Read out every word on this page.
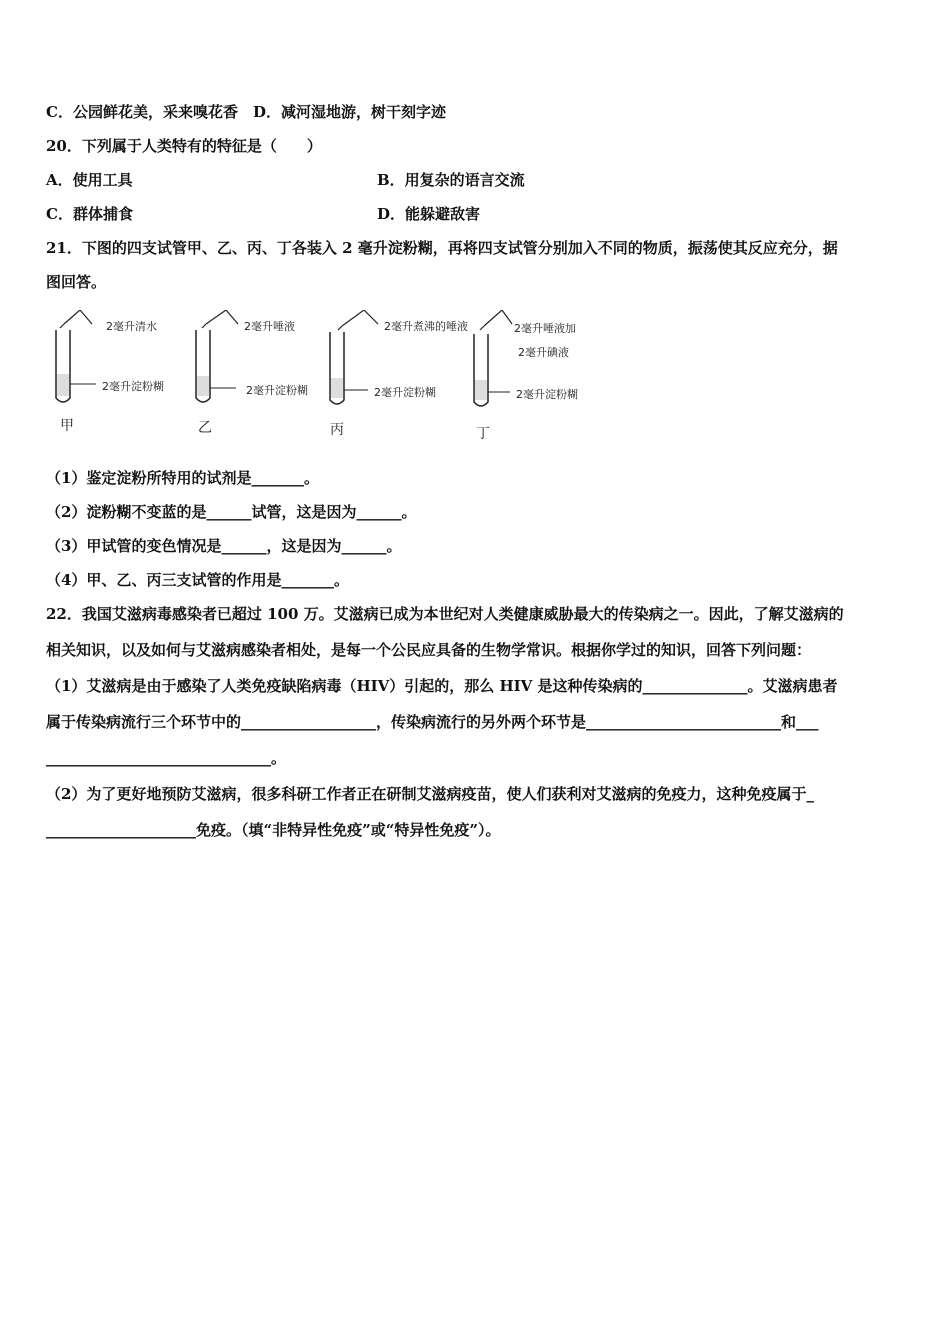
C．公园鲜花美，采来嗅花香　D．减河湿地游，树干刻字迹
20．下列属于人类特有的特征是（　　）
A．使用工具	B．用复杂的语言交流
C．群体捕食	D．能躲避敌害
21．下图的四支试管甲、乙、丙、丁各装入 2 毫升淀粉糊，再将四支试管分别加入不同的物质，振荡使其反应充分，据
图回答。
2毫升清水
2毫升淀粉糊
甲
2毫升唾液
2毫升淀粉糊
乙
2毫升煮沸的唾液
2毫升淀粉糊
丙
2毫升唾液加
2毫升碘液
2毫升淀粉糊
丁
（1）鉴定淀粉所特用的试剂是_______。
（2）淀粉糊不变蓝的是______试管，这是因为______。
（3）甲试管的变色情况是______，这是因为______。
（4）甲、乙、丙三支试管的作用是_______。
22．我国艾滋病毒感染者已超过 100 万。艾滋病已成为本世纪对人类健康威胁最大的传染病之一。因此，了解艾滋病的
相关知识，以及如何与艾滋病感染者相处，是每一个公民应具备的生物学常识。根据你学过的知识，回答下列问题：
（1）艾滋病是由于感染了人类免疫缺陷病毒（HIV）引起的，那么 HIV 是这种传染病的______________。艾滋病患者
属于传染病流行三个环节中的__________________，传染病流行的另外两个环节是__________________________和___
______________________________。
（2）为了更好地预防艾滋病，很多科研工作者正在研制艾滋病疫苗，使人们获利对艾滋病的免疫力，这种免疫属于_
____________________免疫。（填“非特异性免疫”或“特异性免疫”）。
